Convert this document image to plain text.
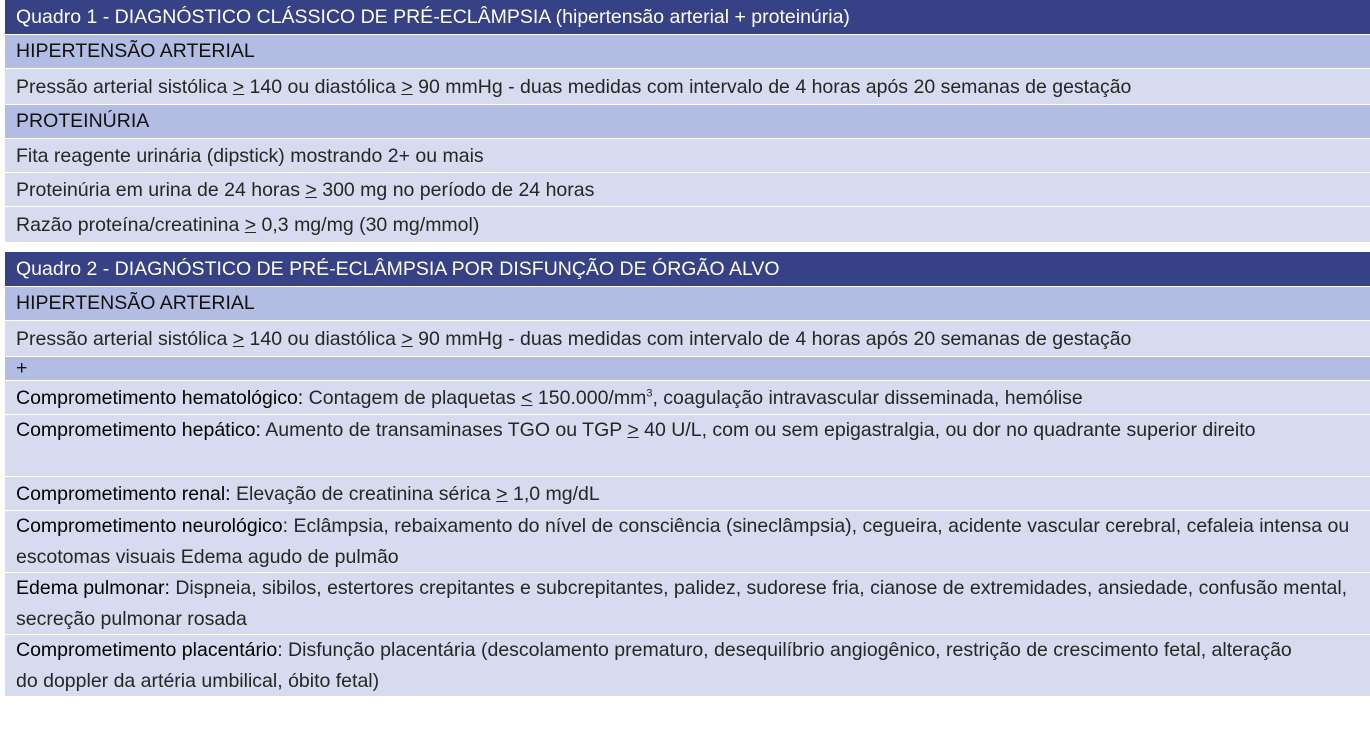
Quadro 1 - DIAGNÓSTICO CLÁSSICO DE PRÉ-ECLÂMPSIA (hipertensão arterial + proteinúria)
HIPERTENSÃO ARTERIAL
Pressão arterial sistólica ≥ 140 ou diastólica ≥ 90 mmHg - duas medidas com intervalo de 4 horas após 20 semanas de gestação
PROTEINÚRIA
Fita reagente urinária (dipstick) mostrando 2+ ou mais
Proteinúria em urina de 24 horas ≥ 300 mg no período de 24 horas
Razão proteína/creatinina ≥ 0,3 mg/mg (30 mg/mmol)
Quadro 2 - DIAGNÓSTICO DE PRÉ-ECLÂMPSIA POR DISFUNÇÃO DE ÓRGÃO ALVO
HIPERTENSÃO ARTERIAL
Pressão arterial sistólica ≥ 140 ou diastólica ≥ 90 mmHg - duas medidas com intervalo de 4 horas após 20 semanas de gestação
+
Comprometimento hematológico: Contagem de plaquetas ≤ $150.000/mm^3$, coagulação intravascular disseminada, hemólise
Comprometimento hepático: Aumento de transaminases TGO ou TGP ≥ 40 U/L, com ou sem epigastralgia, ou dor no quadrante superior direito
Comprometimento renal: Elevação de creatinina sérica ≥ 1,0 mg/dL
Comprometimento neurológico: Eclâmpsia, rebaixamento do nível de consciência (sineclâmpsia), cegueira, acidente vascular cerebral, cefaleia intensa ou escotomas visuais Edema agudo de pulmão
Edema pulmonar: Dispneia, sibilos, estertores crepitantes e subcrepitantes, palidez, sudorese fria, cianose de extremidades, ansiedade, confusão mental, secreção pulmonar rosada
Comprometimento placentário: Disfunção placentária (descolamento prematuro, desequilíbrio angiogênico, restrição de crescimento fetal, alteração do doppler da artéria umbilical, óbito fetal)
